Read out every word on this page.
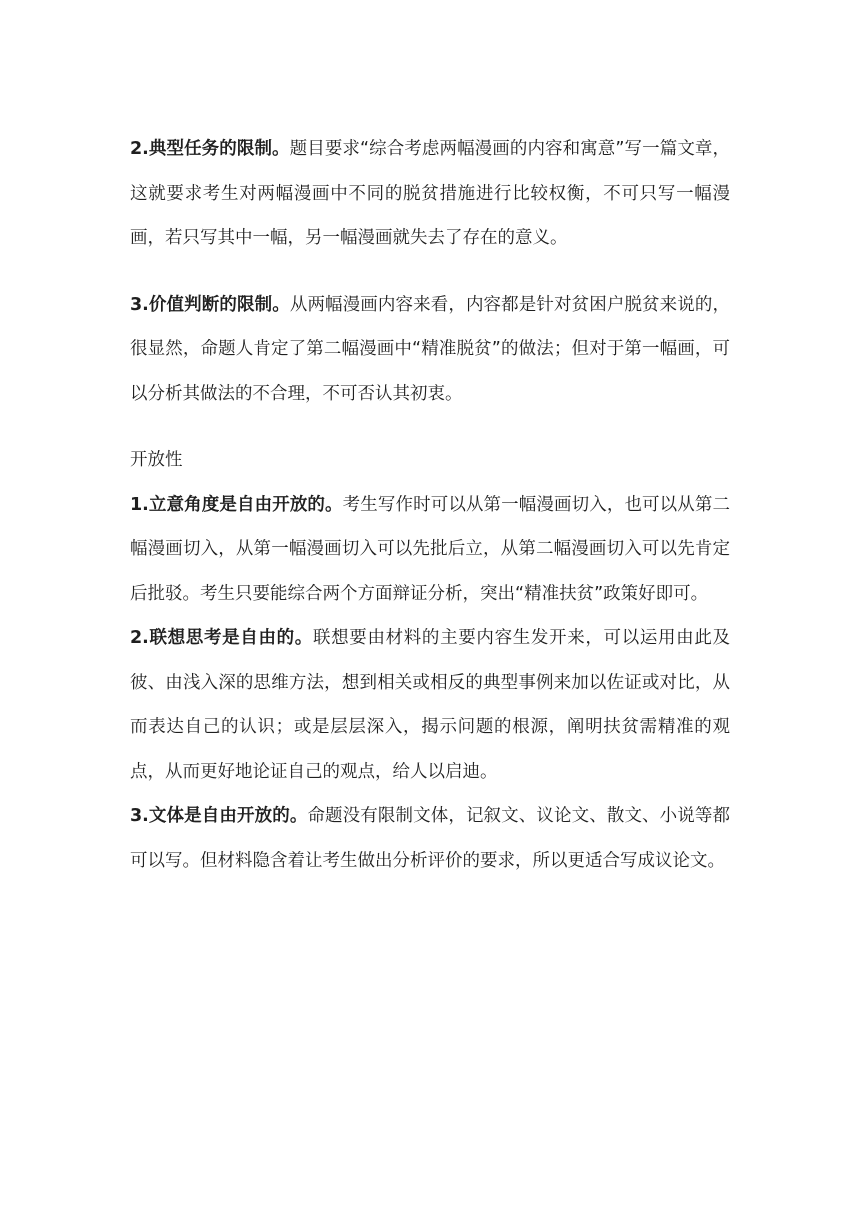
2.典型任务的限制。题目要求“综合考虑两幅漫画的内容和寓意”写一篇文章，这就要求考生对两幅漫画中不同的脱贫措施进行比较权衡，不可只写一幅漫画，若只写其中一幅，另一幅漫画就失去了存在的意义。

3.价值判断的限制。从两幅漫画内容来看，内容都是针对贫困户脱贫来说的，很显然，命题人肯定了第二幅漫画中“精准脱贫”的做法；但对于第一幅画，可以分析其做法的不合理，不可否认其初衷。

开放性

1.立意角度是自由开放的。考生写作时可以从第一幅漫画切入，也可以从第二幅漫画切入，从第一幅漫画切入可以先批后立，从第二幅漫画切入可以先肯定后批驳。考生只要能综合两个方面辩证分析，突出“精准扶贫”政策好即可。

2.联想思考是自由的。联想要由材料的主要内容生发开来，可以运用由此及彼、由浅入深的思维方法，想到相关或相反的典型事例来加以佐证或对比，从而表达自己的认识；或是层层深入，揭示问题的根源，阐明扶贫需精准的观点，从而更好地论证自己的观点，给人以启迪。

3.文体是自由开放的。命题没有限制文体，记叙文、议论文、散文、小说等都可以写。但材料隐含着让考生做出分析评价的要求，所以更适合写成议论文。
